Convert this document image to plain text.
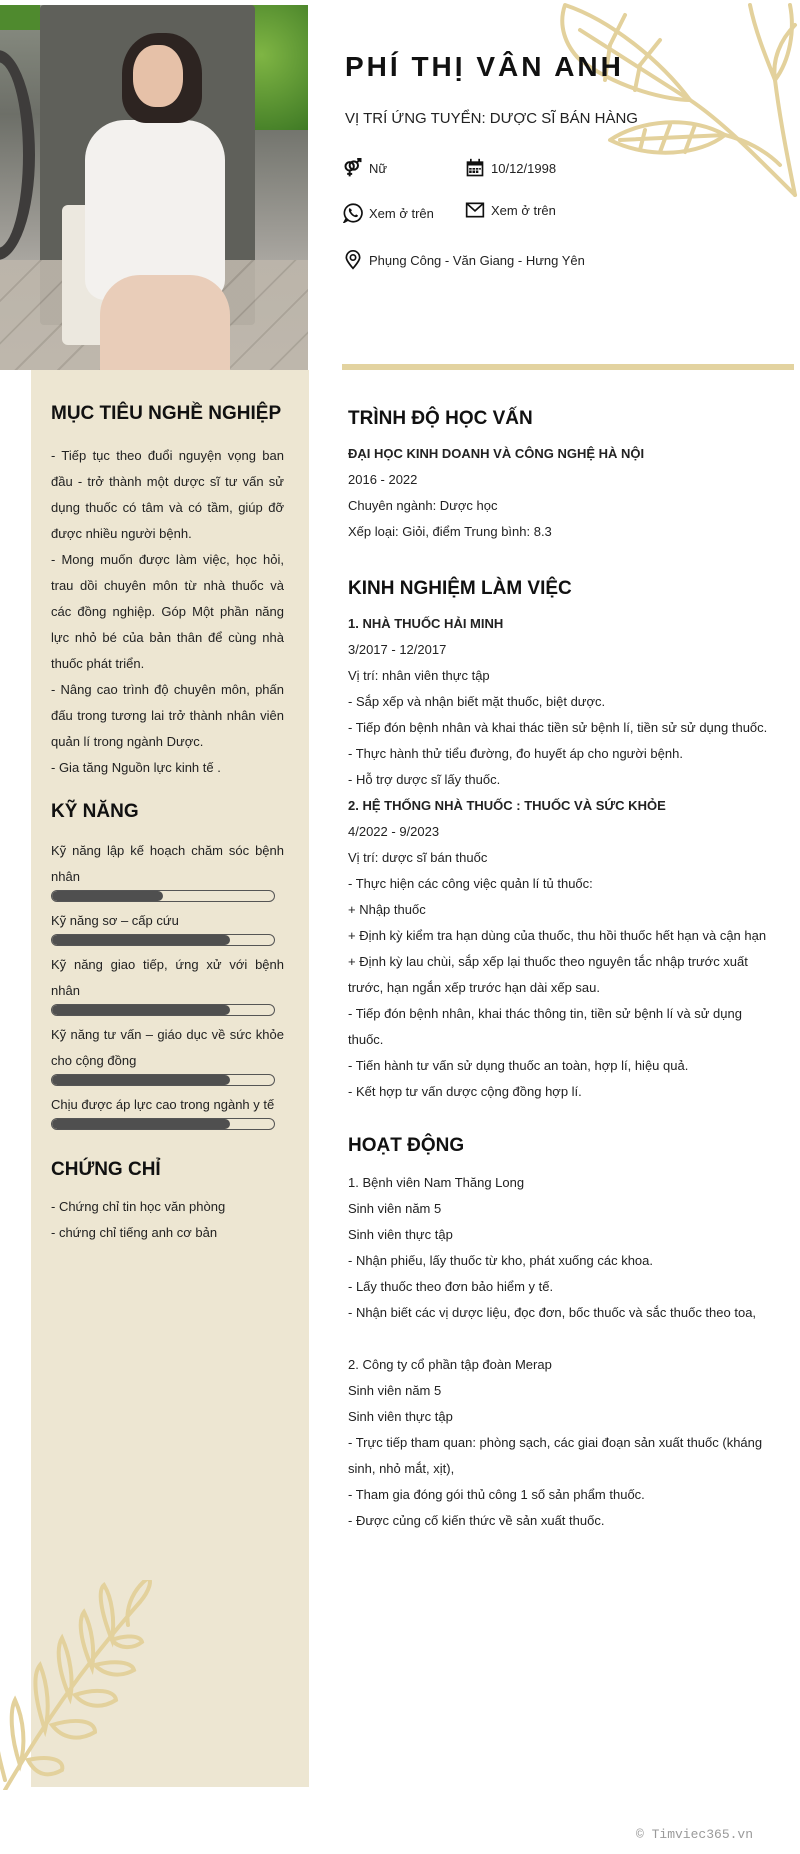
PHÍ THỊ VÂN ANH
VỊ TRÍ ỨNG TUYỂN: DƯỢC SĨ BÁN HÀNG
Nữ	10/12/1998
Xem ở trên	Xem ở trên
Phụng Công - Văn Giang - Hưng Yên
MỤC TIÊU NGHỀ NGHIỆP

- Tiếp tục theo đuổi nguyện vọng ban đầu - trở thành một dược sĩ tư vấn sử dụng thuốc có tâm và có tầm, giúp đỡ được nhiều người bệnh.

- Mong muốn được làm việc, học hỏi, trau dồi chuyên môn từ nhà thuốc và các đồng nghiệp. Góp Một phần năng lực nhỏ bé của bản thân để cùng nhà thuốc phát triển.

- Nâng cao trình độ chuyên môn, phấn đấu trong tương lai trở thành nhân viên quản lí trong ngành Dược.

- Gia tăng Nguồn lực kinh tế .

KỸ NĂNG
Kỹ năng lập kế hoạch chăm sóc bệnh nhân
Kỹ năng sơ – cấp cứu
Kỹ năng giao tiếp, ứng xử với bệnh nhân
Kỹ năng tư vấn – giáo dục về sức khỏe cho cộng đồng
Chịu được áp lực cao trong ngành y tế
CHỨNG CHỈ
- Chứng chỉ tin học văn phòng
- chứng chỉ tiếng anh cơ bản
TRÌNH ĐỘ HỌC VẤN
ĐẠI HỌC KINH DOANH VÀ CÔNG NGHỆ HÀ NỘI
2016 - 2022
Chuyên ngành: Dược học
Xếp loại: Giỏi, điểm Trung bình: 8.3
KINH NGHIỆM LÀM VIỆC
1. NHÀ THUỐC HẢI MINH
3/2017 - 12/2017
Vị trí: nhân viên thực tập
- Sắp xếp và nhận biết mặt thuốc, biệt dược.
- Tiếp đón bệnh nhân và khai thác tiền sử bệnh lí, tiền sử sử dụng thuốc.
- Thực hành thử tiểu đường, đo huyết áp cho người bệnh.
- Hỗ trợ dược sĩ lấy thuốc.
2. HỆ THỐNG NHÀ THUỐC : THUỐC VÀ SỨC KHỎE
4/2022 - 9/2023
Vị trí: dược sĩ bán thuốc
- Thực hiện các công việc quản lí tủ thuốc:
+ Nhập thuốc
+ Định kỳ kiểm tra hạn dùng của thuốc, thu hồi thuốc hết hạn và cận hạn
+ Định kỳ lau chùi, sắp xếp lại thuốc theo nguyên tắc nhập trước xuất trước, hạn ngắn xếp trước hạn dài xếp sau.
- Tiếp đón bệnh nhân, khai thác thông tin, tiền sử bệnh lí và sử dụng thuốc.
- Tiến hành tư vấn sử dụng thuốc an toàn, hợp lí, hiệu quả.
- Kết hợp tư vấn dược cộng đồng hợp lí.
HOẠT ĐỘNG
1. Bệnh viên Nam Thăng Long
Sinh viên năm 5
Sinh viên thực tập
- Nhận phiếu, lấy thuốc từ kho, phát xuống các khoa.
- Lấy thuốc theo đơn bảo hiểm y tế.
- Nhận biết các vị dược liệu, đọc đơn, bốc thuốc và sắc thuốc theo toa,
2. Công ty cổ phần tập đoàn Merap
Sinh viên năm 5
Sinh viên thực tập
- Trực tiếp tham quan: phòng sạch, các giai đoạn sản xuất thuốc (kháng sinh, nhỏ mắt, xịt),
- Tham gia đóng gói thủ công 1 số sản phẩm thuốc.
- Được củng cố kiến thức về sản xuất thuốc.
© Timviec365.vn
